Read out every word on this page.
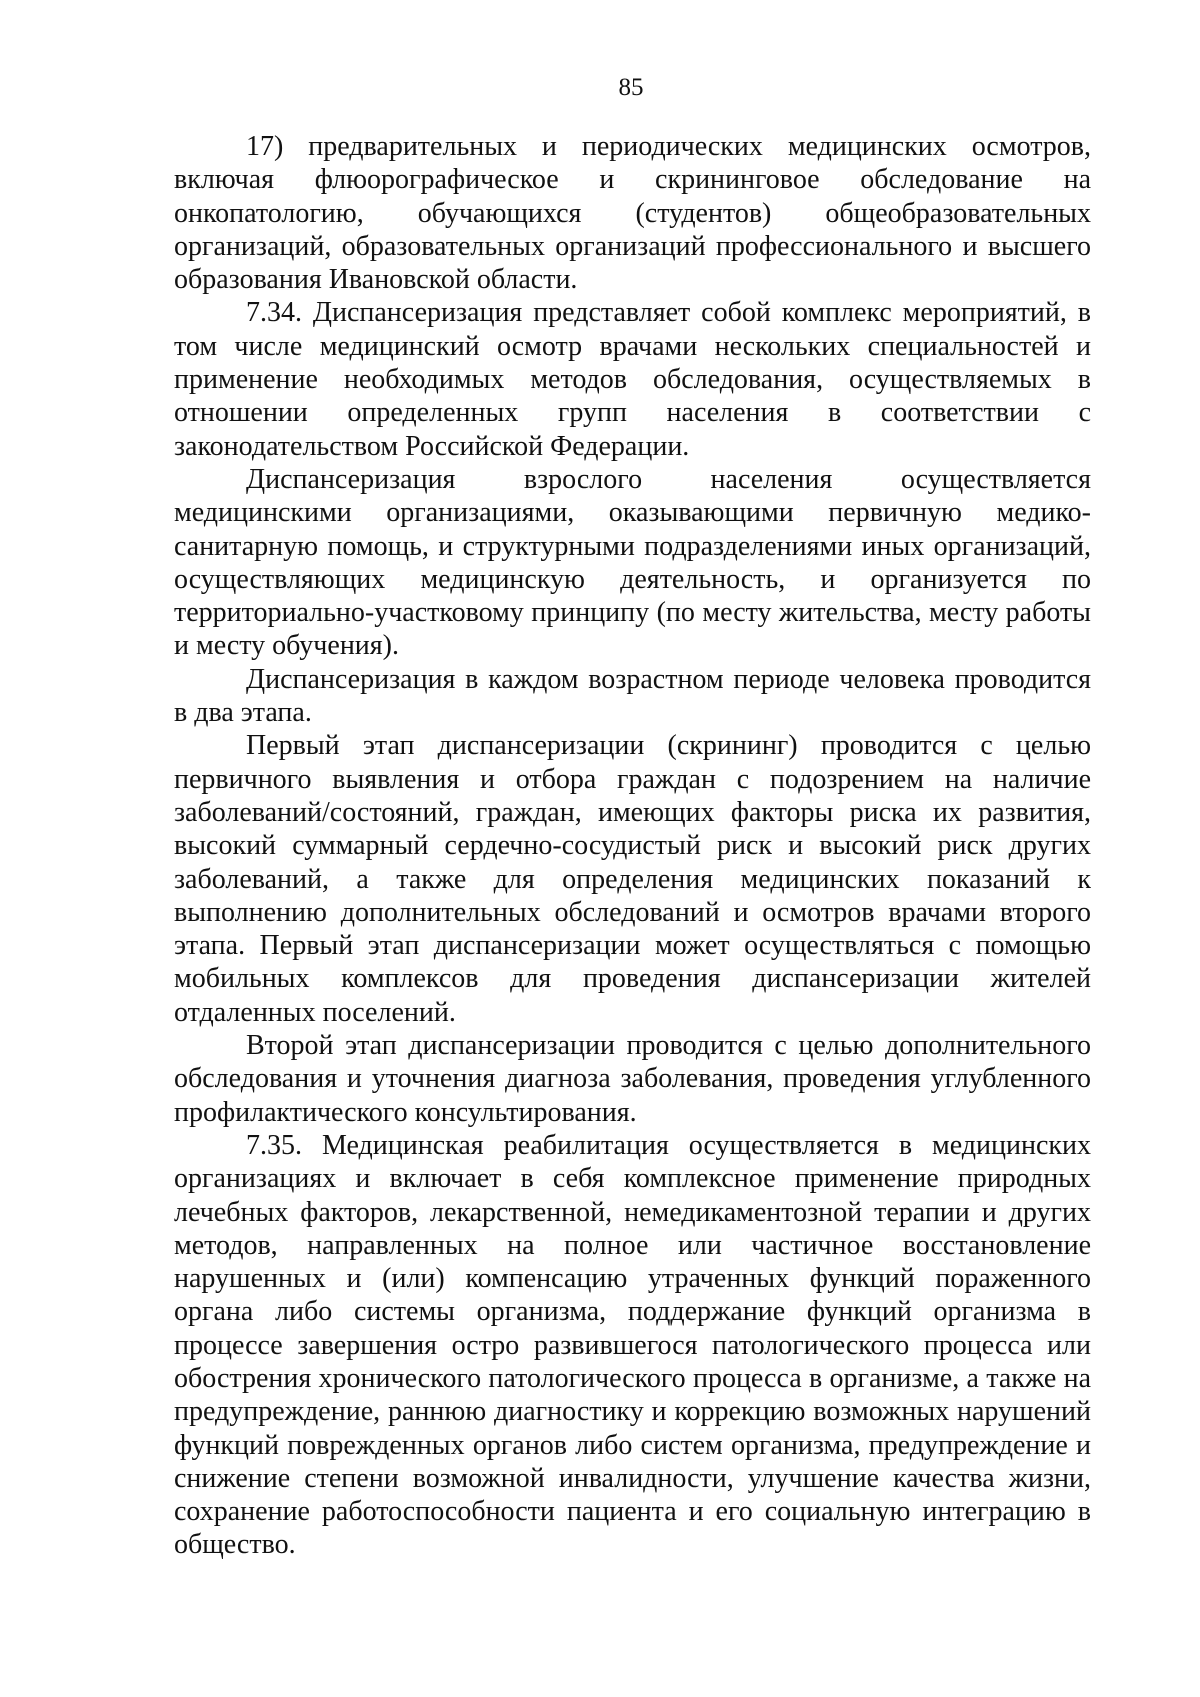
85

17) предварительных и периодических медицинских осмотров, включая флюорографическое и скрининговое обследование на онкопатологию, обучающихся (студентов) общеобразовательных организаций, образовательных организаций профессионального и высшего образования Ивановской области.

7.34. Диспансеризация представляет собой комплекс мероприятий, в том числе медицинский осмотр врачами нескольких специальностей и применение необходимых методов обследования, осуществляемых в отношении определенных групп населения в соответствии с законодательством Российской Федерации.

Диспансеризация взрослого населения осуществляется медицинскими организациями, оказывающими первичную медико-санитарную помощь, и структурными подразделениями иных организаций, осуществляющих медицинскую деятельность, и организуется по территориально-участковому принципу (по месту жительства, месту работы и месту обучения).

Диспансеризация в каждом возрастном периоде человека проводится в два этапа.

Первый этап диспансеризации (скрининг) проводится с целью первичного выявления и отбора граждан с подозрением на наличие заболеваний/состояний, граждан, имеющих факторы риска их развития, высокий суммарный сердечно-сосудистый риск и высокий риск других заболеваний, а также для определения медицинских показаний к выполнению дополнительных обследований и осмотров врачами второго этапа. Первый этап диспансеризации может осуществляться с помощью мобильных комплексов для проведения диспансеризации жителей отдаленных поселений.

Второй этап диспансеризации проводится с целью дополнительного обследования и уточнения диагноза заболевания, проведения углубленного профилактического консультирования.

7.35. Медицинская реабилитация осуществляется в медицинских организациях и включает в себя комплексное применение природных лечебных факторов, лекарственной, немедикаментозной терапии и других методов, направленных на полное или частичное восстановление нарушенных и (или) компенсацию утраченных функций пораженного органа либо системы организма, поддержание функций организма в процессе завершения остро развившегося патологического процесса или обострения хронического патологического процесса в организме, а также на предупреждение, раннюю диагностику и коррекцию возможных нарушений функций поврежденных органов либо систем организма, предупреждение и снижение степени возможной инвалидности, улучшение качества жизни, сохранение работоспособности пациента и его социальную интеграцию в общество.
